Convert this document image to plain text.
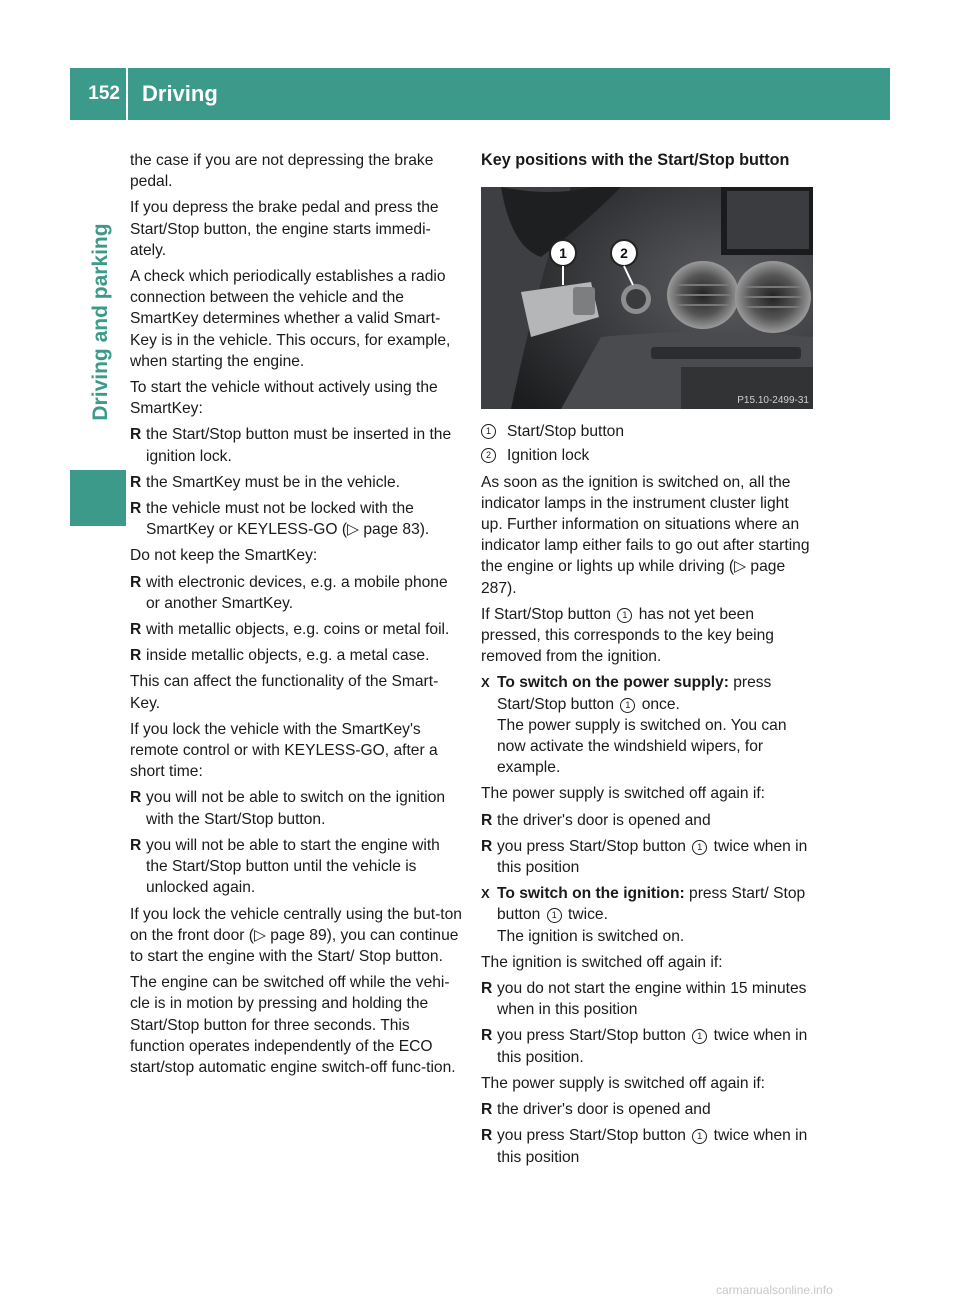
152 Driving
Driving and parking

the case if you are not depressing the brake pedal.

If you depress the brake pedal and press the Start/Stop button, the engine starts immedi-ately.

A check which periodically establishes a radio connection between the vehicle and the SmartKey determines whether a valid Smart-Key is in the vehicle. This occurs, for example, when starting the engine.

To start the vehicle without actively using the SmartKey:

R the Start/Stop button must be inserted in the ignition lock.
R the SmartKey must be in the vehicle.
R the vehicle must not be locked with the SmartKey or KEYLESS-GO (▷ page 83).

Do not keep the SmartKey:

R with electronic devices, e.g. a mobile phone or another SmartKey.
R with metallic objects, e.g. coins or metal foil.
R inside metallic objects, e.g. a metal case.

This can affect the functionality of the Smart-Key.

If you lock the vehicle with the SmartKey's remote control or with KEYLESS-GO, after a short time:

R you will not be able to switch on the ignition with the Start/Stop button.
R you will not be able to start the engine with the Start/Stop button until the vehicle is unlocked again.

If you lock the vehicle centrally using the but-ton on the front door (▷ page 89), you can continue to start the engine with the Start/ Stop button.

The engine can be switched off while the vehi-cle is in motion by pressing and holding the Start/Stop button for three seconds. This function operates independently of the ECO start/stop automatic engine switch-off func-tion.

Key positions with the Start/Stop button
1	2
P15.10-2499-31
1	Start/Stop button
2	Ignition lock

As soon as the ignition is switched on, all the indicator lamps in the instrument cluster light up. Further information on situations where an indicator lamp either fails to go out after starting the engine or lights up while driving (▷ page 287).

If Start/Stop button 1 has not yet been pressed, this corresponds to the key being removed from the ignition.

X To switch on the power supply: press Start/Stop button 1 once.
The power supply is switched on. You can now activate the windshield wipers, for example.

The power supply is switched off again if:

R the driver's door is opened and
R you press Start/Stop button 1 twice when in this position
X To switch on the ignition: press Start/ Stop button 1 twice.
The ignition is switched on.

The ignition is switched off again if:

R you do not start the engine within 15 minutes when in this position
R you press Start/Stop button 1 twice when in this position.

The power supply is switched off again if:

R the driver's door is opened and
R you press Start/Stop button 1 twice when in this position
carmanualsonline.info
